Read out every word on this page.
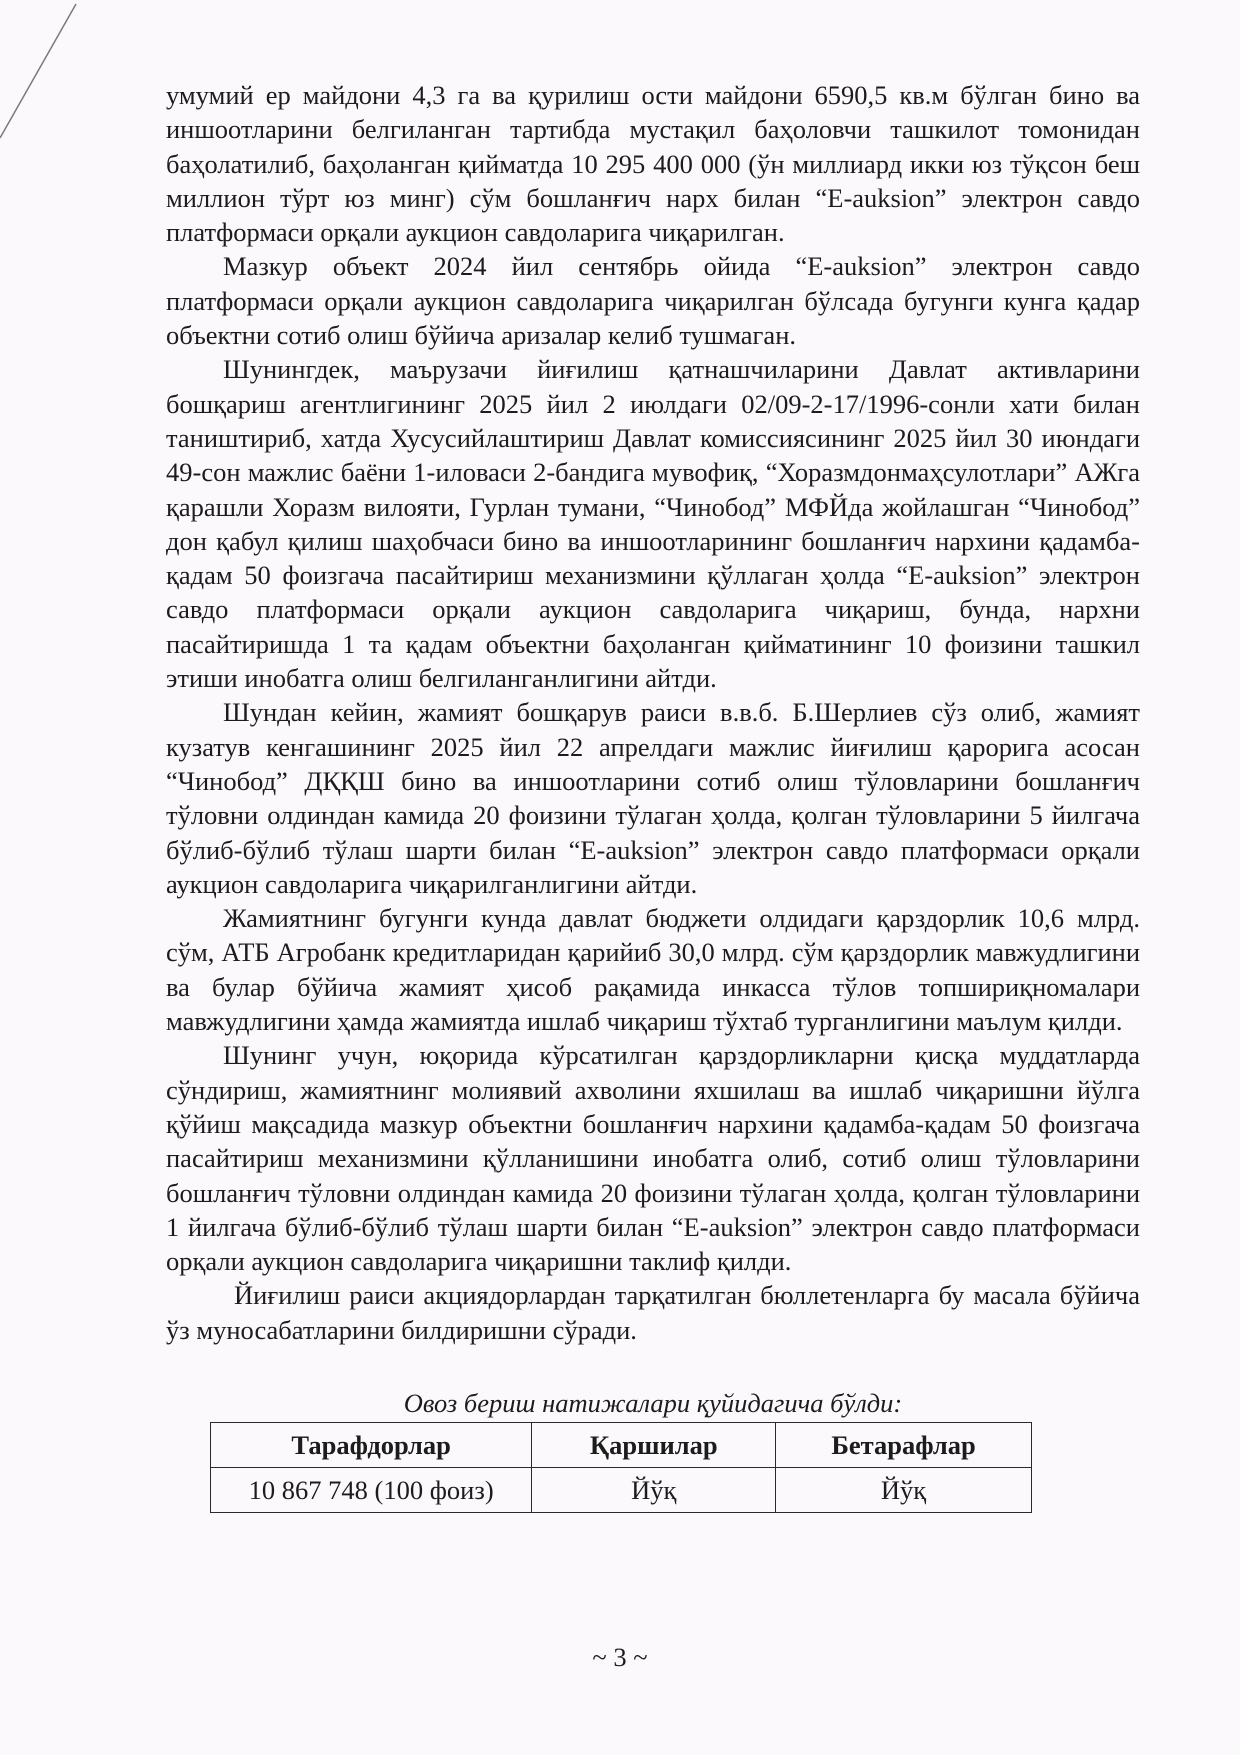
умумий ер майдони 4,3 га ва қурилиш ости майдони 6590,5 кв.м бўлган бино ва иншоотларини белгиланган тартибда мустақил баҳоловчи ташкилот томонидан баҳолатилиб, баҳоланган қийматда 10 295 400 000 (ўн миллиард икки юз тўқсон беш миллион тўрт юз минг) сўм бошланғич нарх билан “E-auksion” электрон савдо платформаси орқали аукцион савдоларига чиқарилган.

Мазкур объект 2024 йил сентябрь ойида “E-auksion” электрон савдо платформаси орқали аукцион савдоларига чиқарилган бўлсада бугунги кунга қадар объектни сотиб олиш бўйича аризалар келиб тушмаган.

Шунингдек, маърузачи йиғилиш қатнашчиларини Давлат активларини бошқариш агентлигининг 2025 йил 2 июлдаги 02/09-2-17/1996-сонли хати билан таништириб, хатда Хусусийлаштириш Давлат комиссиясининг 2025 йил 30 июндаги 49-сон мажлис баёни 1-иловаси 2-бандига мувофиқ, “Хоразмдонмаҳсулотлари” АЖга қарашли Хоразм вилояти, Гурлан тумани, “Чинобод” МФЙда жойлашган “Чинобод” дон қабул қилиш шаҳобчаси бино ва иншоотларининг бошланғич нархини қадамба-қадам 50 фоизгача пасайтириш механизмини қўллаган ҳолда “E-auksion” электрон савдо платформаси орқали аукцион савдоларига чиқариш, бунда, нархни пасайтиришда 1 та қадам объектни баҳоланган қийматининг 10 фоизини ташкил этиши инобатга олиш белгиланганлигини айтди.

Шундан кейин, жамият бошқарув раиси в.в.б. Б.Шерлиев сўз олиб, жамият кузатув кенгашининг 2025 йил 22 апрелдаги мажлис йиғилиш қарорига асосан “Чинобод” ДҚҚШ бино ва иншоотларини сотиб олиш тўловларини бошланғич тўловни олдиндан камида 20 фоизини тўлаган ҳолда, қолган тўловларини 5 йилгача бўлиб-бўлиб тўлаш шарти билан “E-auksion” электрон савдо платформаси орқали аукцион савдоларига чиқарилганлигини айтди.

Жамиятнинг бугунги кунда давлат бюджети олдидаги қарздорлик 10,6 млрд. сўм, АТБ Агробанк кредитларидан қарийиб 30,0 млрд. сўм қарздорлик мавжудлигини ва булар бўйича жамият ҳисоб рақамида инкасса тўлов топшириқномалари мавжудлигини ҳамда жамиятда ишлаб чиқариш тўхтаб турганлигини маълум қилди.

Шунинг учун, юқорида кўрсатилган қарздорликларни қисқа муддатларда сўндириш, жамиятнинг молиявий ахволини яхшилаш ва ишлаб чиқаришни йўлга қўйиш мақсадида мазкур объектни бошланғич нархини қадамба-қадам 50 фоизгача пасайтириш механизмини қўлланишини инобатга олиб, сотиб олиш тўловларини бошланғич тўловни олдиндан камида 20 фоизини тўлаган ҳолда, қолган тўловларини 1 йилгача бўлиб-бўлиб тўлаш шарти билан “E-auksion” электрон савдо платформаси орқали аукцион савдоларига чиқаришни таклиф қилди.

Йиғилиш раиси акциядорлардан тарқатилган бюллетенларга бу масала бўйича ўз муносабатларини билдиришни сўради.

Овоз бериш натижалари қуйидагича бўлди:
Тарафдорлар	Қаршилар	Бетарафлар
10 867 748 (100 фоиз)	Йўқ	Йўқ
~ 3 ~
